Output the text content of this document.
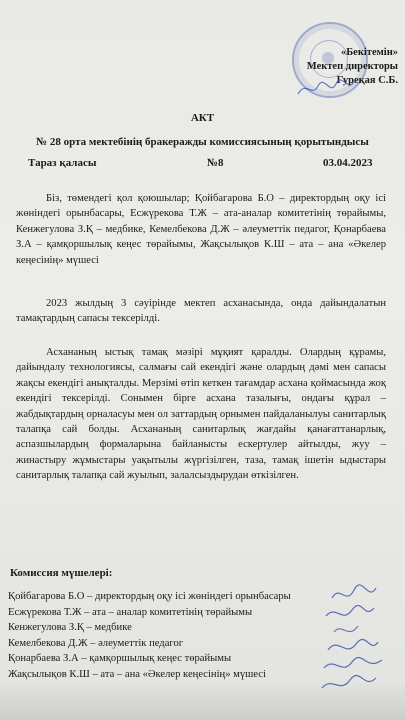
«Бекітемін»
Мектеп директоры
Гуреқая С.Б.
АКТ
№ 28 орта мектебінің бракеражды комиссиясының қорытындысы
Тараз қаласы	№8	03.04.2023

Біз, төмендегі қол қоюшылар; Қойбагарова Б.О – директордың оқу ісі жөніндегі орынбасары, Есжүрекова Т.Ж – ата-аналар комитетінің төрайымы, Кенжегулова З.Қ – медбике, Кемелбекова Д.Ж – әлеуметтік педагог, Қонарбаева З.А – қамқоршылық кеңес төрайымы, Жақсылықов К.Ш – ата – ана «Әкелер кеңесінің» мүшесі

2023 жылдың 3 сәуірінде мектеп асханасында, онда дайындалатын тамақтардың сапасы тексерілді.

Асхананың ыстық тамақ мәзірі мұқият қаралды. Олардың құрамы, дайындалу технологиясы, салмағы сай екендігі және олардың дәмі мен сапасы жақсы екендігі анықталды. Мерзімі өтіп кеткен тағамдар асхана қоймасында жоқ екендігі тексерілді. Сонымен бірге асхана тазалығы, ондағы құрал – жабдықтардың орналасуы мен ол заттардың орнымен пайдаланылуы санитарлық талапқа сай болды. Асхананың санитарлық жағдайы қанағаттанарлық, аспазшылардың формаларына байланысты ескертулер айтылды, жуу – жинастыру жұмыстары уақытылы жүргізілген, таза, тамақ ішетін ыдыстары санитарлық талапқа сай жуылып, залалсыздырудан өткізілген.

Комиссия мүшелері:
Қойбагарова Б.О – директордың оқу ісі жөніндегі орынбасары
Есжүрекова Т.Ж – ата – аналар комитетінің төрайымы
Кенжегулова З.Қ – медбике
Кемелбекова Д.Ж – әлеуметтік педагог
Қонарбаева З.А – қамқоршылық кеңес төрайымы
Жақсылықов К.Ш – ата – ана «Әкелер кеңесінің» мүшесі
